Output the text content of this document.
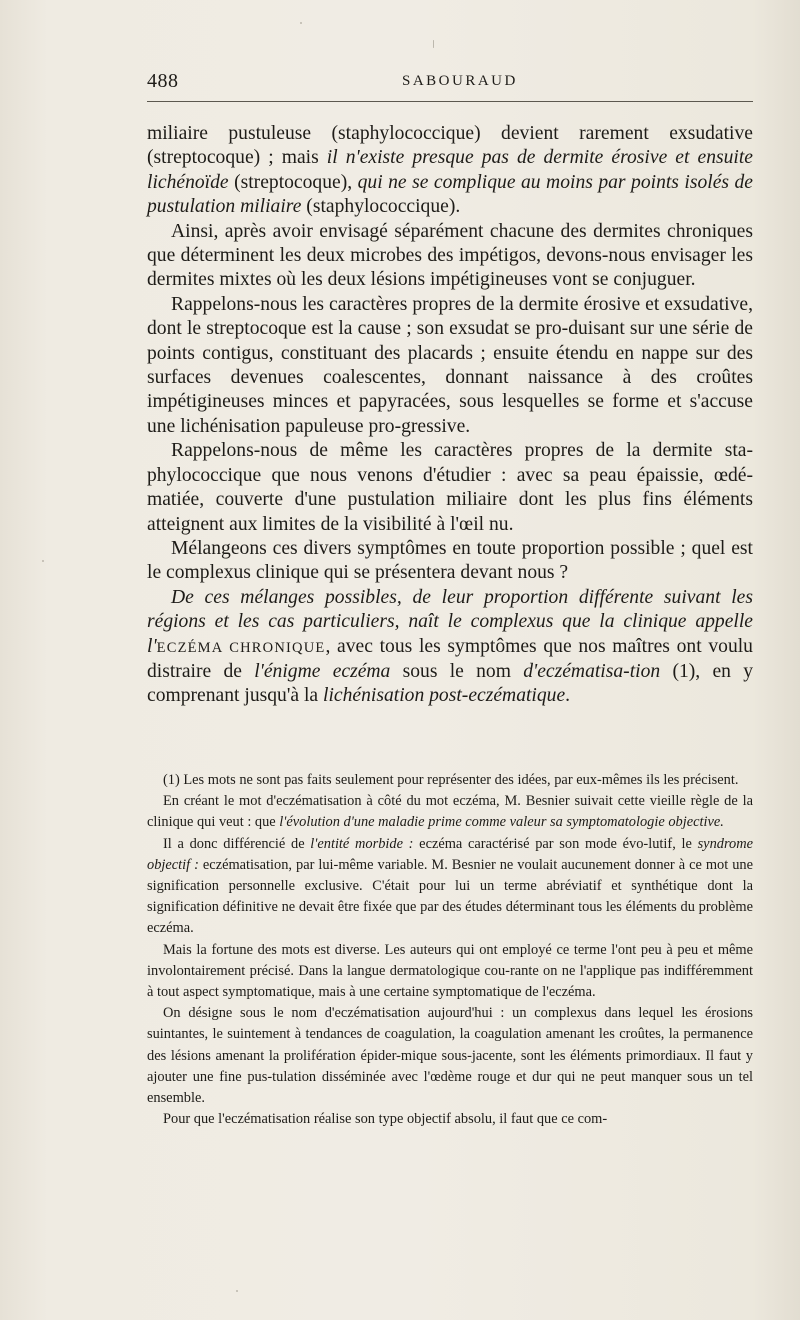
488	SABOURAUD

miliaire pustuleuse (staphylococcique) devient rarement exsudative (streptocoque) ; mais il n'existe presque pas de dermite érosive et ensuite lichénoïde (streptocoque), qui ne se complique au moins par points isolés de pustulation miliaire (staphylococcique).

Ainsi, après avoir envisagé séparément chacune des dermites chroniques que déterminent les deux microbes des impétigos, devons-nous envisager les dermites mixtes où les deux lésions impétigineuses vont se conjuguer.

Rappelons-nous les caractères propres de la dermite érosive et exsudative, dont le streptocoque est la cause ; son exsudat se pro-duisant sur une série de points contigus, constituant des placards ; ensuite étendu en nappe sur des surfaces devenues coalescentes, donnant naissance à des croûtes impétigineuses minces et papyracées, sous lesquelles se forme et s'accuse une lichénisation papuleuse pro-gressive.

Rappelons-nous de même les caractères propres de la dermite sta-phylococcique que nous venons d'étudier : avec sa peau épaissie, œdé-matiée, couverte d'une pustulation miliaire dont les plus fins éléments atteignent aux limites de la visibilité à l'œil nu.

Mélangeons ces divers symptômes en toute proportion possible ; quel est le complexus clinique qui se présentera devant nous ?

De ces mélanges possibles, de leur proportion différente suivant les régions et les cas particuliers, naît le complexus que la clinique appelle l'ECZÉMA CHRONIQUE, avec tous les symptômes que nos maîtres ont voulu distraire de l'énigme eczéma sous le nom d'eczématisa-tion (1), en y comprenant jusqu'à la lichénisation post-eczématique.

(1) Les mots ne sont pas faits seulement pour représenter des idées, par eux-mêmes ils les précisent.

En créant le mot d'eczématisation à côté du mot eczéma, M. Besnier suivait cette vieille règle de la clinique qui veut : que l'évolution d'une maladie prime comme valeur sa symptomatologie objective.

Il a donc différencié de l'entité morbide : eczéma caractérisé par son mode évo-lutif, le syndrome objectif : eczématisation, par lui-même variable. M. Besnier ne voulait aucunement donner à ce mot une signification personnelle exclusive. C'était pour lui un terme abréviatif et synthétique dont la signification définitive ne devait être fixée que par des études déterminant tous les éléments du problème eczéma.

Mais la fortune des mots est diverse. Les auteurs qui ont employé ce terme l'ont peu à peu et même involontairement précisé. Dans la langue dermatologique cou-rante on ne l'applique pas indifféremment à tout aspect symptomatique, mais à une certaine symptomatique de l'eczéma.

On désigne sous le nom d'eczématisation aujourd'hui : un complexus dans lequel les érosions suintantes, le suintement à tendances de coagulation, la coagulation amenant les croûtes, la permanence des lésions amenant la prolifération épider-mique sous-jacente, sont les éléments primordiaux. Il faut y ajouter une fine pus-tulation disséminée avec l'œdème rouge et dur qui ne peut manquer sous un tel ensemble.

Pour que l'eczématisation réalise son type objectif absolu, il faut que ce com-
